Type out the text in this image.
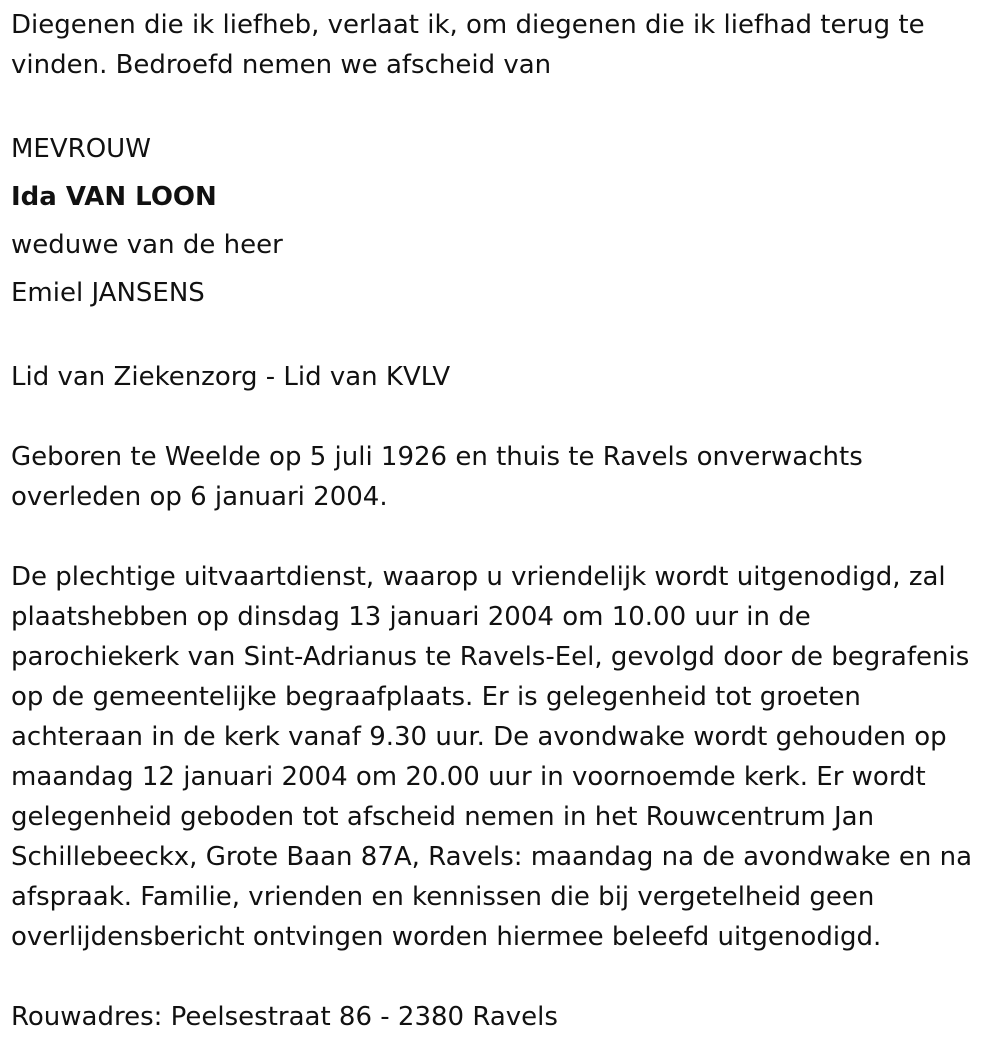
Diegenen die ik liefheb, verlaat ik, om diegenen die ik liefhad terug te

vinden. Bedroefd nemen we afscheid van

MEVROUW

Ida VAN LOON

weduwe van de heer

Emiel JANSENS

Lid van Ziekenzorg - Lid van KVLV

Geboren te Weelde op 5 juli 1926 en thuis te Ravels onverwachts

overleden op 6 januari 2004.

De plechtige uitvaartdienst, waarop u vriendelijk wordt uitgenodigd, zal

plaatshebben op dinsdag 13 januari 2004 om 10.00 uur in de

parochiekerk van Sint-Adrianus te Ravels-Eel, gevolgd door de begrafenis

op de gemeentelijke begraafplaats. Er is gelegenheid tot groeten

achteraan in de kerk vanaf 9.30 uur. De avondwake wordt gehouden op

maandag 12 januari 2004 om 20.00 uur in voornoemde kerk. Er wordt

gelegenheid geboden tot afscheid nemen in het Rouwcentrum Jan

Schillebeeckx, Grote Baan 87A, Ravels: maandag na de avondwake en na

afspraak. Familie, vrienden en kennissen die bij vergetelheid geen

overlijdensbericht ontvingen worden hiermee beleefd uitgenodigd.

Rouwadres: Peelsestraat 86 - 2380 Ravels
